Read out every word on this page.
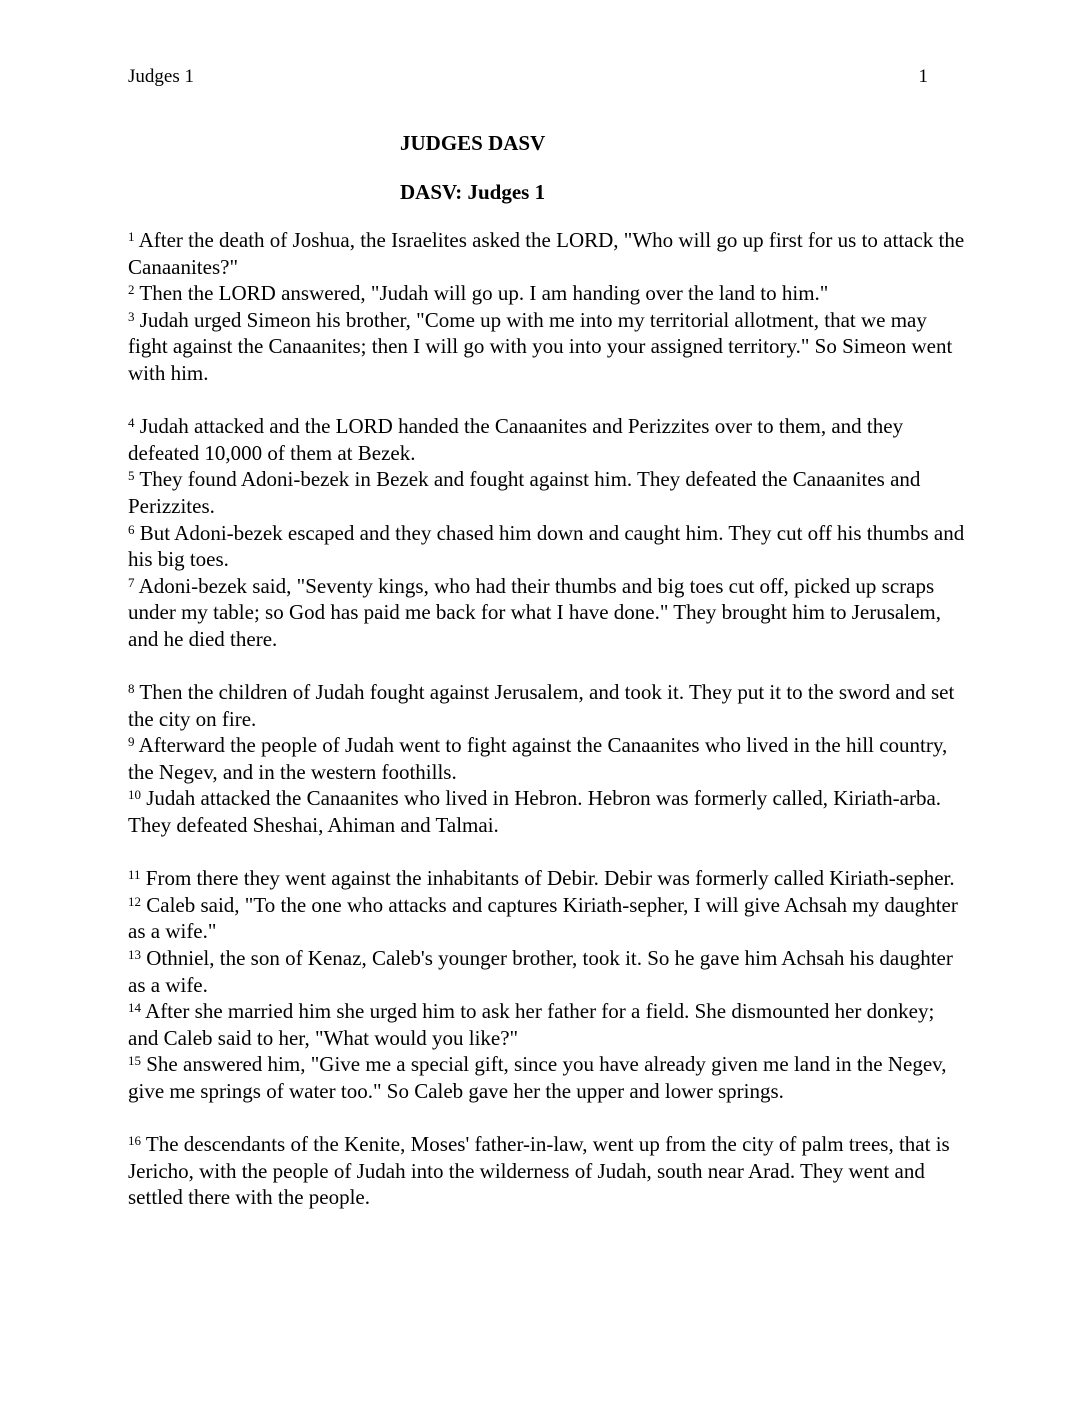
Judges 1	1
JUDGES DASV
DASV: Judges 1

$^1$ After the death of Joshua, the Israelites asked the LORD, "Who will go up first for us to attack the Canaanites?"
$^2$ Then the LORD answered, "Judah will go up. I am handing over the land to him."
$^3$ Judah urged Simeon his brother, "Come up with me into my territorial allotment, that we may fight against the Canaanites; then I will go with you into your assigned territory." So Simeon went with him.

$^4$ Judah attacked and the LORD handed the Canaanites and Perizzites over to them, and they defeated 10,000 of them at Bezek.
$^5$ They found Adoni-bezek in Bezek and fought against him. They defeated the Canaanites and Perizzites.
$^6$ But Adoni-bezek escaped and they chased him down and caught him. They cut off his thumbs and his big toes.
$^7$ Adoni-bezek said, "Seventy kings, who had their thumbs and big toes cut off, picked up scraps under my table; so God has paid me back for what I have done." They brought him to Jerusalem, and he died there.

$^8$ Then the children of Judah fought against Jerusalem, and took it. They put it to the sword and set the city on fire.
$^9$ Afterward the people of Judah went to fight against the Canaanites who lived in the hill country, the Negev, and in the western foothills.
$^{10}$ Judah attacked the Canaanites who lived in Hebron. Hebron was formerly called, Kiriath-arba. They defeated Sheshai, Ahiman and Talmai.

$^{11}$ From there they went against the inhabitants of Debir. Debir was formerly called Kiriath-sepher.
$^{12}$ Caleb said, "To the one who attacks and captures Kiriath-sepher, I will give Achsah my daughter as a wife."
$^{13}$ Othniel, the son of Kenaz, Caleb's younger brother, took it. So he gave him Achsah his daughter as a wife.
$^{14}$ After she married him she urged him to ask her father for a field. She dismounted her donkey; and Caleb said to her, "What would you like?"
$^{15}$ She answered him, "Give me a special gift, since you have already given me land in the Negev, give me springs of water too." So Caleb gave her the upper and lower springs.

$^{16}$ The descendants of the Kenite, Moses' father-in-law, went up from the city of palm trees, that is Jericho, with the people of Judah into the wilderness of Judah, south near Arad. They went and settled there with the people.
